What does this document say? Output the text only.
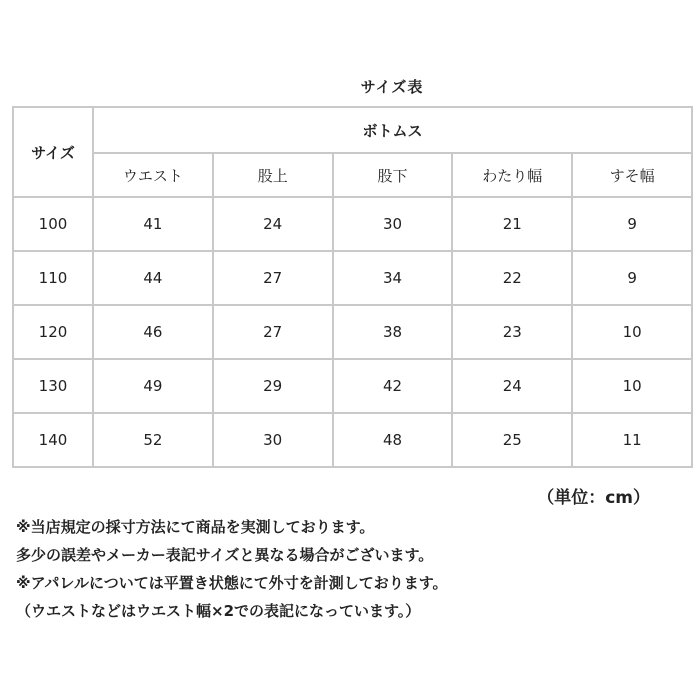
サイズ表
サイズ	ボトムス				
	ウエスト	股上	股下	わたり幅	すそ幅
100	41	24	30	21	9
110	44	27	34	22	9
120	46	27	38	23	10
130	49	29	42	24	10
140	52	30	48	25	11
（単位：cm）
※当店規定の採寸方法にて商品を実測しております。
多少の誤差やメーカー表記サイズと異なる場合がございます。
※アパレルについては平置き状態にて外寸を計測しております。
（ウエストなどはウエスト幅×2での表記になっています。）
